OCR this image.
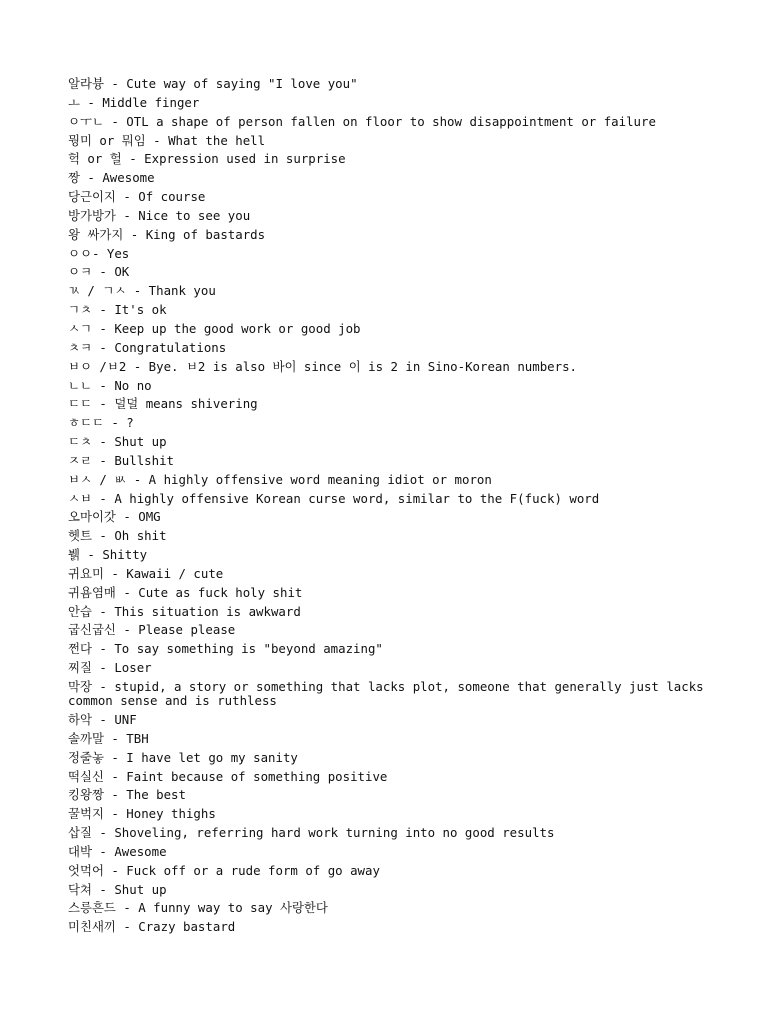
알라븅 - Cute way of saying "I love you"
ㅗ - Middle finger
ㅇㅜㄴ - OTL a shape of person fallen on floor to show disappointment or failure
뭥미 or 뭐임 - What the hell
헉 or 헐 - Expression used in surprise
짱 - Awesome
당근이지 - Of course
방가방가 - Nice to see you
왕 싸가지 - King of bastards
ㅇㅇ- Yes
ㅇㅋ - OK
ㄳ / ㄱㅅ - Thank you
ㄱㅊ - It's ok
ㅅㄱ - Keep up the good work or good job
ㅊㅋ - Congratulations
ㅂㅇ /ㅂ2 - Bye. ㅂ2 is also 바이 since 이 is 2 in Sino-Korean numbers.
ㄴㄴ - No no
ㄷㄷ - 덜덜 means shivering
ㅎㄷㄷ - ?
ㄷㅊ - Shut up
ㅈㄹ - Bullshit
ㅂㅅ / ㅄ - A highly offensive word meaning idiot or moron
ㅅㅂ - A highly offensive Korean curse word, similar to the F(fuck) word
오마이갓 - OMG
헷트 - Oh shit
뷁 - Shitty
귀요미 - Kawaii / cute
귀욤염매 - Cute as fuck holy shit
안습 - This situation is awkward
굽신굽신 - Please please
쩐다 - To say something is "beyond amazing"
찌질 - Loser
막장 - stupid, a story or something that lacks plot, someone that generally just lacks common sense and is ruthless
하악 - UNF
솔까말 - TBH
정줄놓 - I have let go my sanity
떡실신 - Faint because of something positive
킹왕짱 - The best
꿀벅지 - Honey thighs
삽질 - Shoveling, referring hard work turning into no good results
대박 - Awesome
엇먹어 - Fuck off or a rude form of go away
닥쳐 - Shut up
스릉흔드 - A funny way to say 사랑한다
미친새끼 - Crazy bastard
